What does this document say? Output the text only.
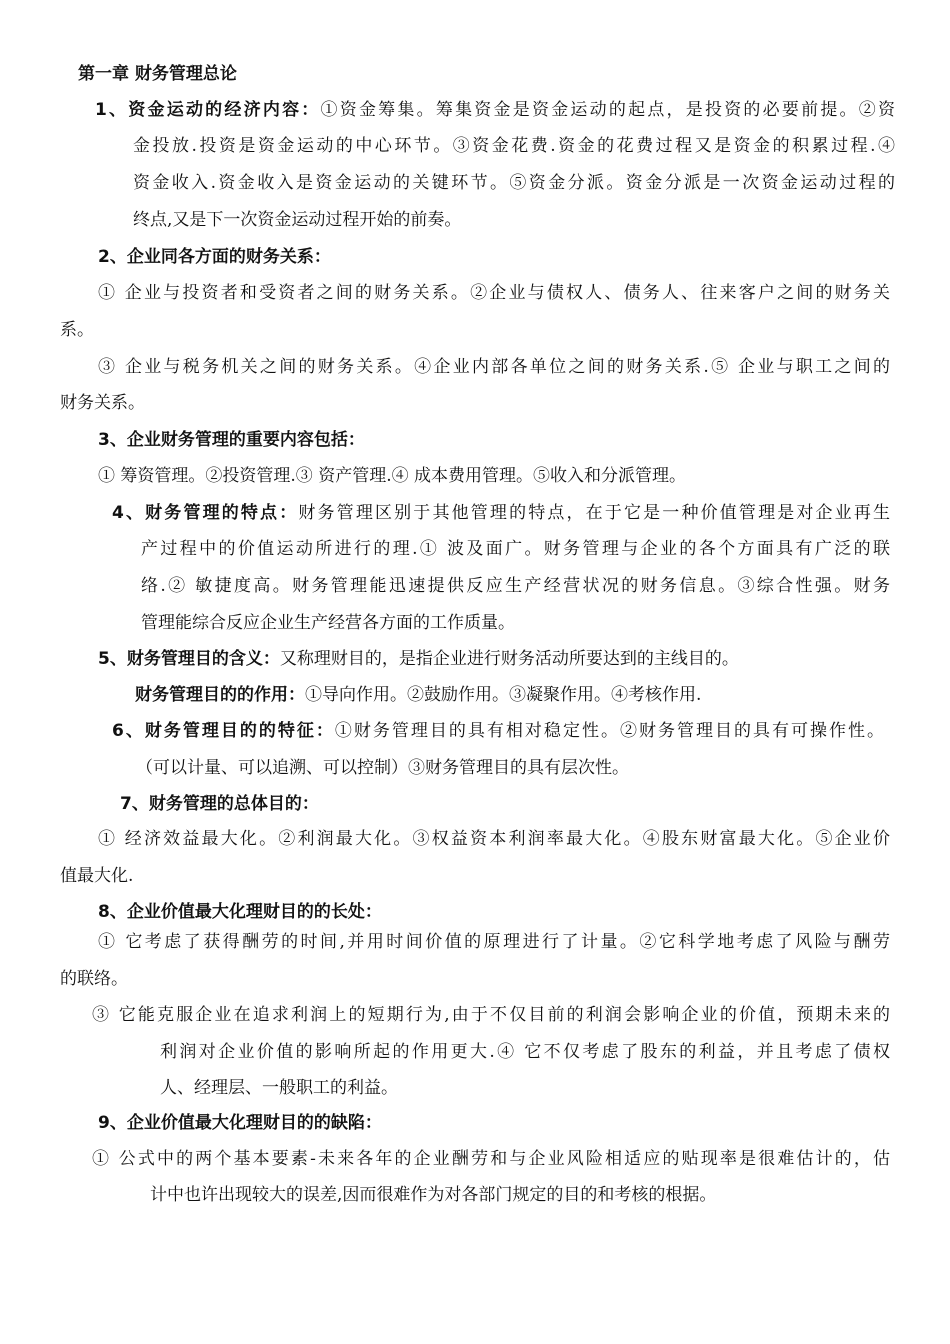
第一章 财务管理总论
1、资金运动的经济内容：①资金筹集。筹集资金是资金运动的起点，是投资的必要前提。②资
金投放.投资是资金运动的中心环节。③资金花费.资金的花费过程又是资金的积累过程.④
资金收入.资金收入是资金运动的关键环节。⑤资金分派。资金分派是一次资金运动过程的
终点,又是下一次资金运动过程开始的前奏。
2、企业同各方面的财务关系：
① 企业与投资者和受资者之间的财务关系。②企业与债权人、债务人、往来客户之间的财务关
系。
③ 企业与税务机关之间的财务关系。④企业内部各单位之间的财务关系.⑤ 企业与职工之间的
财务关系。
3、企业财务管理的重要内容包括：
① 筹资管理。②投资管理.③ 资产管理.④ 成本费用管理。⑤收入和分派管理。
4、财务管理的特点：财务管理区别于其他管理的特点，在于它是一种价值管理是对企业再生
产过程中的价值运动所进行的理.① 波及面广。财务管理与企业的各个方面具有广泛的联
络.② 敏捷度高。财务管理能迅速提供反应生产经营状况的财务信息。③综合性强。财务
管理能综合反应企业生产经营各方面的工作质量。
5、财务管理目的含义：又称理财目的，是指企业进行财务活动所要达到的主线目的。
财务管理目的的作用：①导向作用。②鼓励作用。③凝聚作用。④考核作用.
6、财务管理目的的特征：①财务管理目的具有相对稳定性。②财务管理目的具有可操作性。
（可以计量、可以追溯、可以控制）③财务管理目的具有层次性。
7、财务管理的总体目的：
① 经济效益最大化。②利润最大化。③权益资本利润率最大化。④股东财富最大化。⑤企业价
值最大化.
8、企业价值最大化理财目的的长处：
① 它考虑了获得酬劳的时间,并用时间价值的原理进行了计量。②它科学地考虑了风险与酬劳
的联络。
③ 它能克服企业在追求利润上的短期行为,由于不仅目前的利润会影响企业的价值，预期未来的
利润对企业价值的影响所起的作用更大.④ 它不仅考虑了股东的利益，并且考虑了债权
人、经理层、一般职工的利益。
9、企业价值最大化理财目的的缺陷：
① 公式中的两个基本要素-未来各年的企业酬劳和与企业风险相适应的贴现率是很难估计的，估
计中也许出现较大的误差,因而很难作为对各部门规定的目的和考核的根据。
